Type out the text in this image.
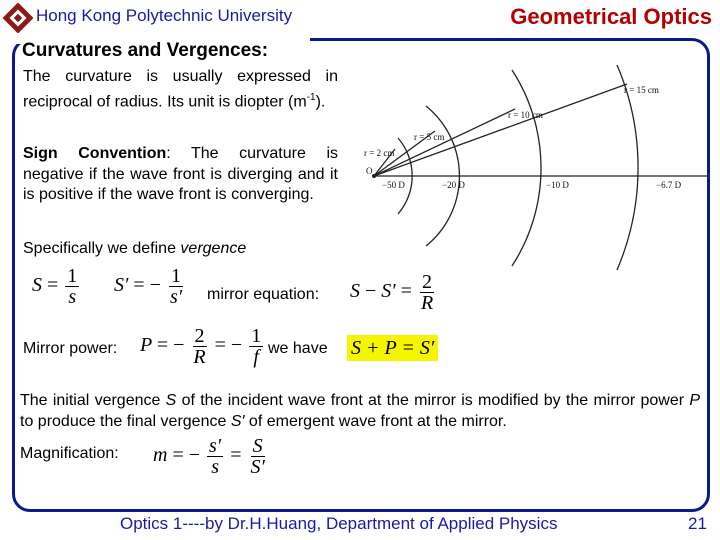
Hong Kong Polytechnic University	Geometrical Optics
Curvatures and Vergences:
The curvature is usually expressed in reciprocal of radius. Its unit is diopter $(m^{-1})$.
Sign Convention: The curvature is negative if the wave front is diverging and it is positive if the wave front is converging.
Specifically we define vergence
$S = \frac{1}{s} S'$ = − $\frac{1}{s'}$ mirror equation: $S - S' = \frac{2}{R}$
Mirror power: P = − $\frac{2}{R}$ = − $\frac{1}{f}$ we have S + P = S′
The initial vergence S of the incident wave front at the mirror is modified by the mirror power P to produce the final vergence S′ of emergent wave front at the mirror.
Magnification: m = − $\frac{s'}{s} = \frac{S}{S'}$
r = 2 cm
r = 5 cm
r = 10 cm
r = 15 cm
O
−50 D	−20 D	−10 D	−6.7 D
Optics 1----by Dr.H.Huang, Department of Applied Physics	21
